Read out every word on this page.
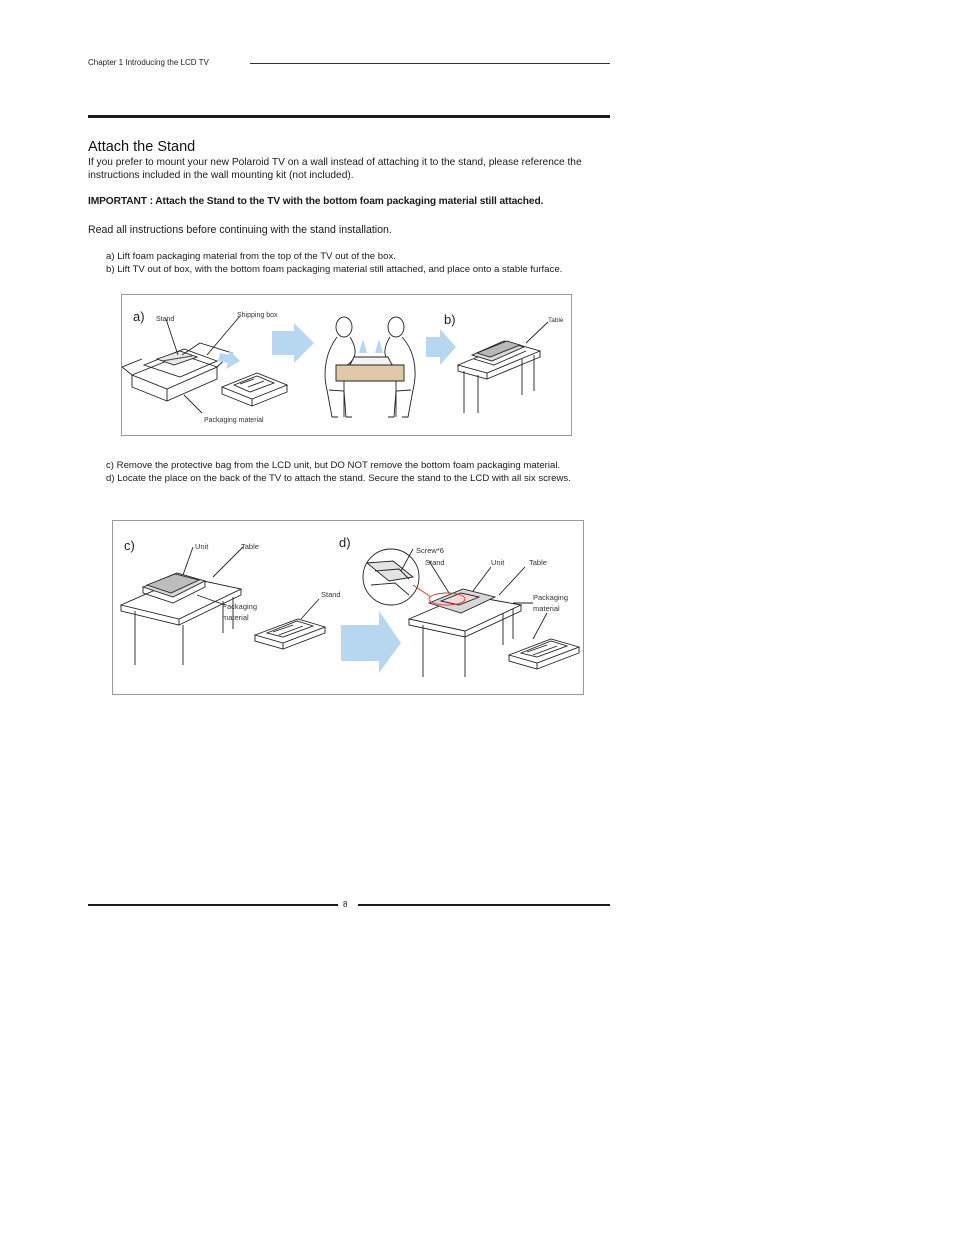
Chapter 1 Introducing the LCD TV
Attach the Stand
If you prefer to mount your new Polaroid TV on a wall instead of attaching it to the stand, please reference the instructions included in the wall mounting kit (not included).
IMPORTANT : Attach the Stand to the TV with the bottom foam packaging material still attached.
Read all instructions before continuing with the stand installation.
a) Lift foam packaging material from the top of the TV out of the box.
b) Lift TV out of box, with the bottom foam packaging material still attached, and place onto a stable furface.
a)	b)
Stand
Shipping box
Packaging material
Table
c) Remove the protective bag from the LCD unit, but DO NOT remove the bottom foam packaging material.
d) Locate the place on the back of the TV to attach the stand. Secure the stand to the LCD with all six screws.
c)	d)
Unit	Table
Packaging
material
Stand
Screw*6
Stand	Unit	Table
Packaging
material
8
